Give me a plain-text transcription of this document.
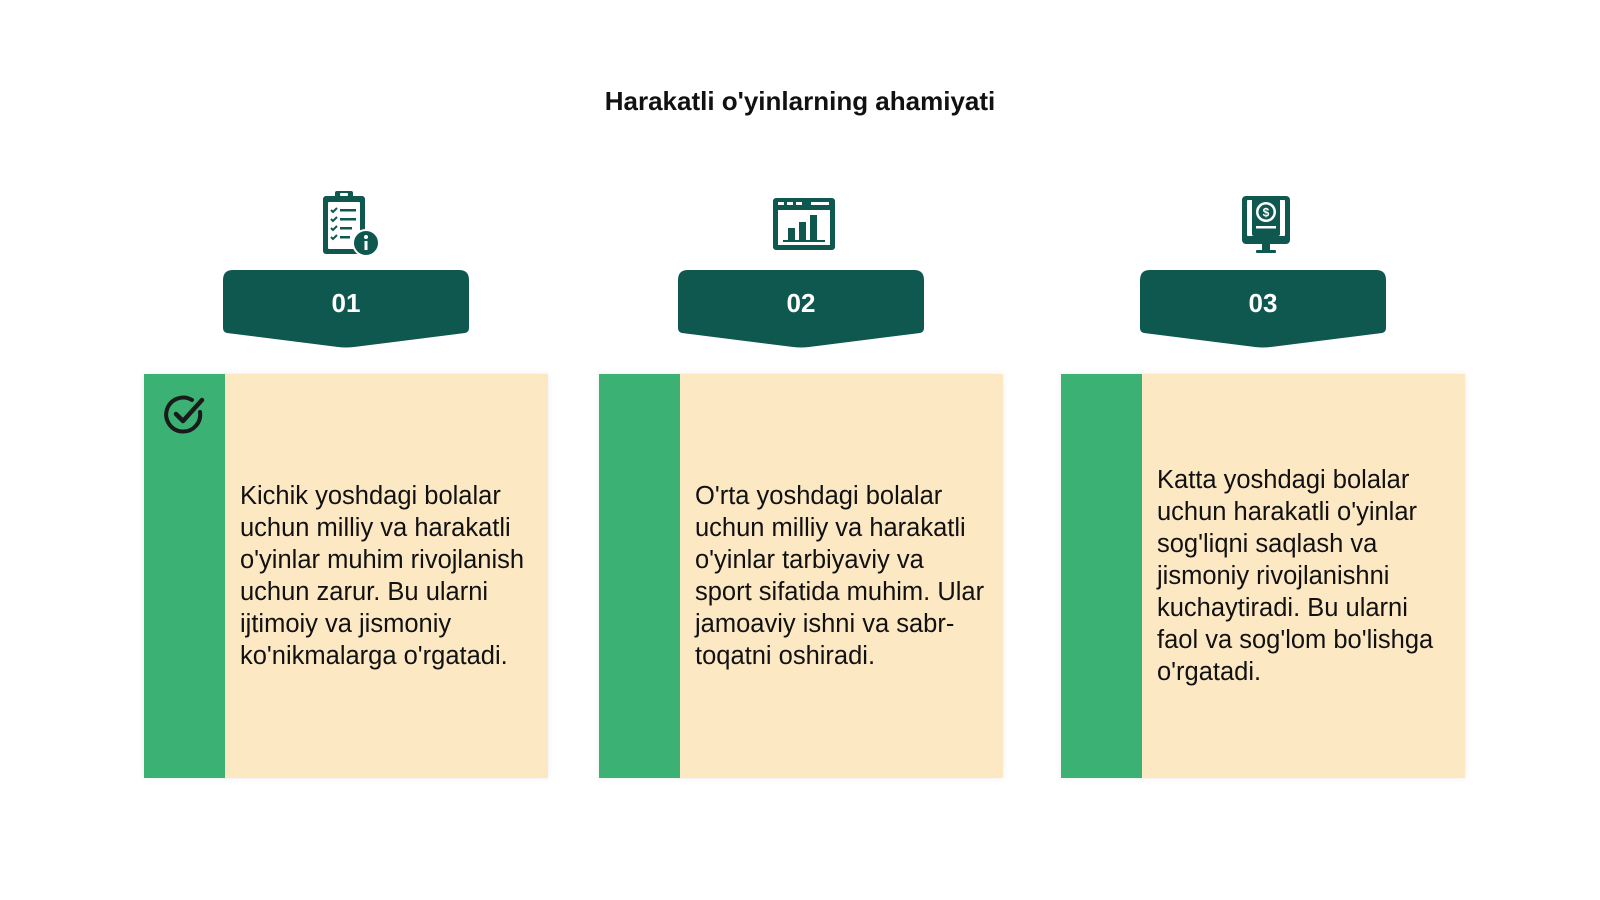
Harakatli o'yinlarning ahamiyati
01

Kichik yoshdagi bolalar uchun milliy va harakatli o'yinlar muhim rivojlanish uchun zarur. Bu ularni ijtimoiy va jismoniy ko'nikmalarga o'rgatadi.

02

O'rta yoshdagi bolalar uchun milliy va harakatli o'yinlar tarbiyaviy va sport sifatida muhim. Ular jamoaviy ishni va sabr-toqatni oshiradi.

$
03

Katta yoshdagi bolalar uchun harakatli o'yinlar sog'liqni saqlash va jismoniy rivojlanishni kuchaytiradi. Bu ularni faol va sog'lom bo'lishga o'rgatadi.
